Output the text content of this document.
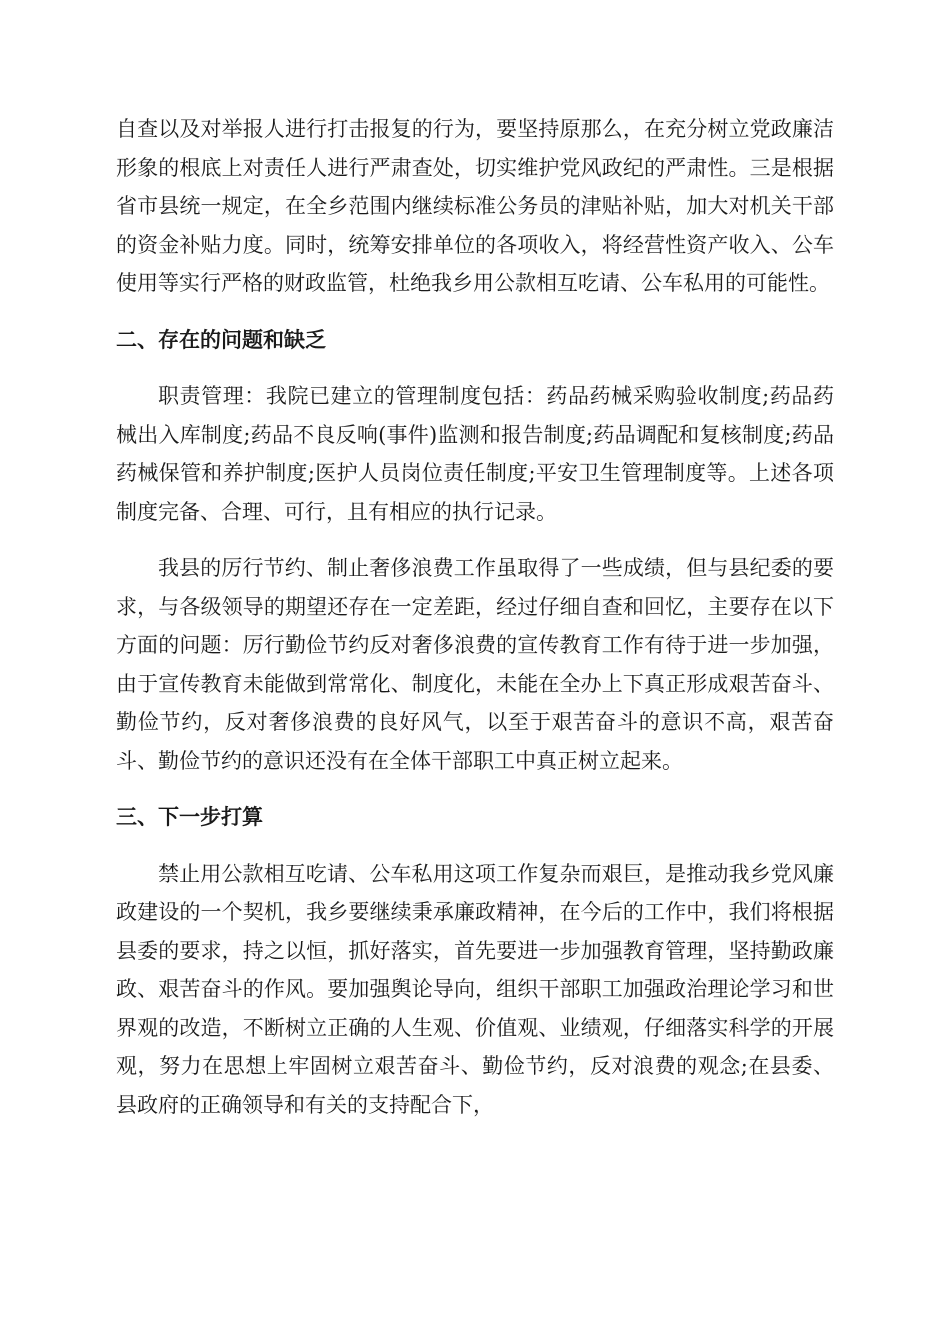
自查以及对举报人进行打击报复的行为，要坚持原那么，在充分树立党政廉洁形象的根底上对责任人进行严肃查处，切实维护党风政纪的严肃性。三是根据省市县统一规定，在全乡范围内继续标准公务员的津贴补贴，加大对机关干部的资金补贴力度。同时，统筹安排单位的各项收入，将经营性资产收入、公车使用等实行严格的财政监管，杜绝我乡用公款相互吃请、公车私用的可能性。

二、存在的问题和缺乏

职责管理：我院已建立的管理制度包括：药品药械采购验收制度;药品药械出入库制度;药品不良反响(事件)监测和报告制度;药品调配和复核制度;药品药械保管和养护制度;医护人员岗位责任制度;平安卫生管理制度等。上述各项制度完备、合理、可行，且有相应的执行记录。

我县的厉行节约、制止奢侈浪费工作虽取得了一些成绩，但与县纪委的要求，与各级领导的期望还存在一定差距，经过仔细自查和回忆，主要存在以下方面的问题：厉行勤俭节约反对奢侈浪费的宣传教育工作有待于进一步加强，由于宣传教育未能做到常常化、制度化，未能在全办上下真正形成艰苦奋斗、勤俭节约，反对奢侈浪费的良好风气，以至于艰苦奋斗的意识不高，艰苦奋斗、勤俭节约的意识还没有在全体干部职工中真正树立起来。

三、下一步打算

禁止用公款相互吃请、公车私用这项工作复杂而艰巨，是推动我乡党风廉政建设的一个契机，我乡要继续秉承廉政精神，在今后的工作中，我们将根据县委的要求，持之以恒，抓好落实，首先要进一步加强教育管理，坚持勤政廉政、艰苦奋斗的作风。要加强舆论导向，组织干部职工加强政治理论学习和世界观的改造，不断树立正确的人生观、价值观、业绩观，仔细落实科学的开展观，努力在思想上牢固树立艰苦奋斗、勤俭节约，反对浪费的观念;在县委、县政府的正确领导和有关的支持配合下，
